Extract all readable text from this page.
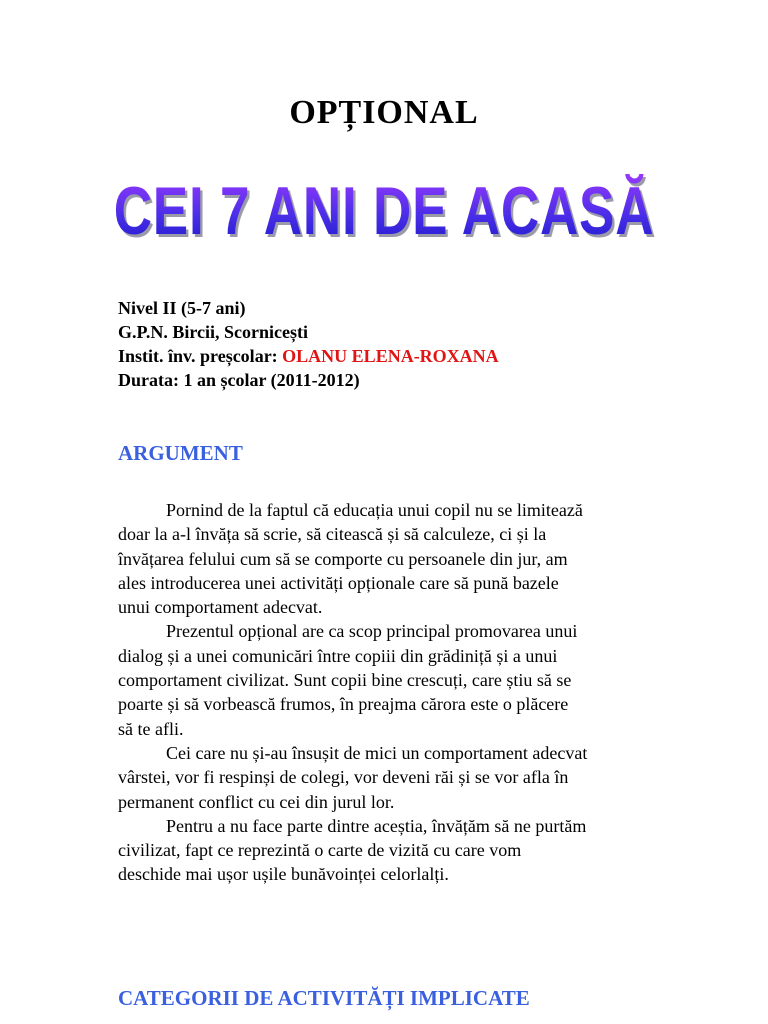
OPȚIONAL
CEI 7 ANI DE ACASĂ
Nivel II (5-7 ani)
G.P.N. Bircii, Scornicești
Instit. înv. preșcolar: OLANU ELENA-ROXANA
Durata: 1 an școlar (2011-2012)
ARGUMENT

Pornind de la faptul că educația unui copil nu se limitează
doar la a-l învăța să scrie, să citească și să calculeze, ci și la
învățarea felului cum să se comporte cu persoanele din jur, am
ales introducerea unei activități opționale care să pună bazele
unui comportament adecvat.

Prezentul opțional are ca scop principal promovarea unui
dialog și a unei comunicări între copiii din grădiniță și a unui
comportament civilizat. Sunt copii bine crescuți, care știu să se
poarte și să vorbească frumos, în preajma cărora este o plăcere
să te afli.

Cei care nu și-au însușit de mici un comportament adecvat
vârstei, vor fi respinși de colegi, vor deveni răi și se vor afla în
permanent conflict cu cei din jurul lor.

Pentru a nu face parte dintre aceștia, învățăm să ne purtăm
civilizat, fapt ce reprezintă o carte de vizită cu care vom
deschide mai ușor ușile bunăvoinței celorlalți.

CATEGORII DE ACTIVITĂȚI IMPLICATE
